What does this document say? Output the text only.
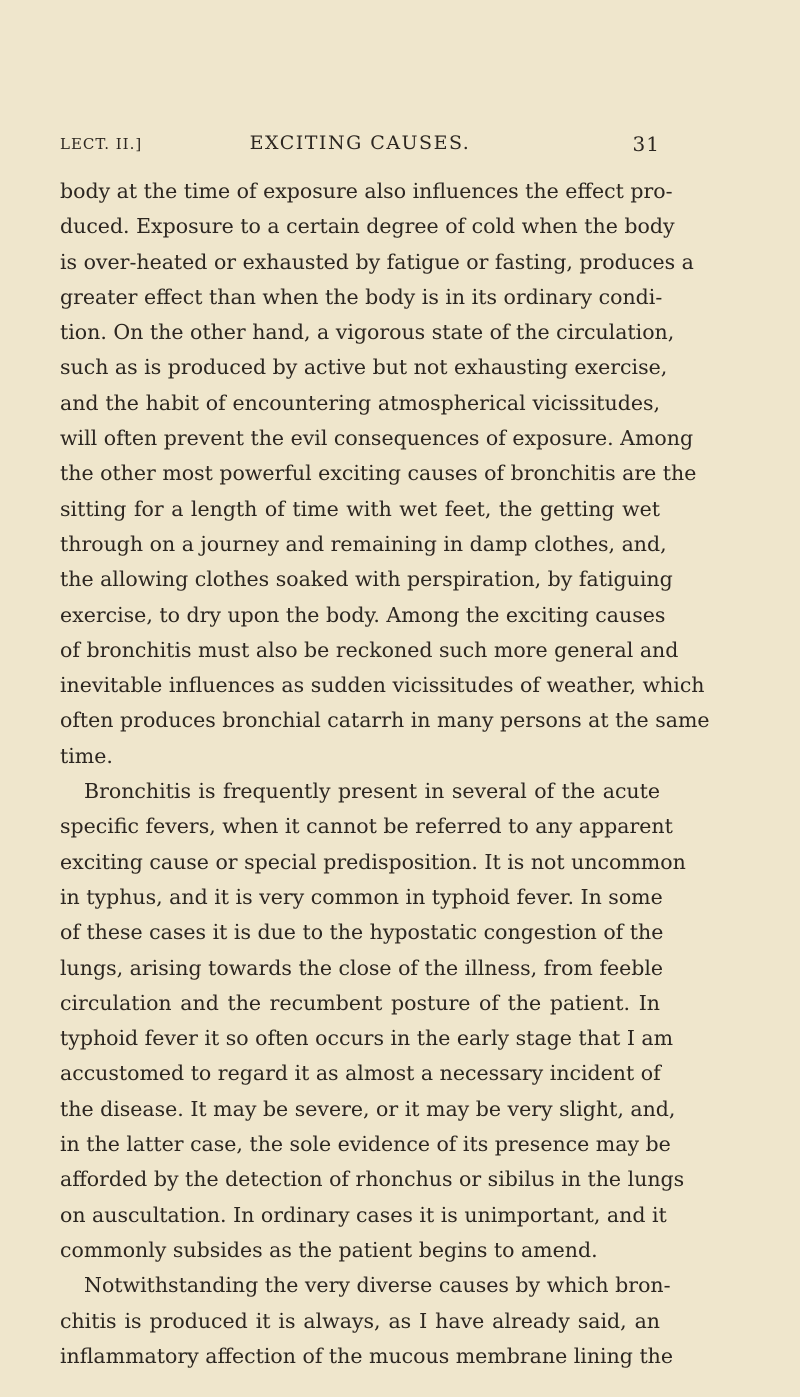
LECT. II.]	EXCITING CAUSES.	31
body at the time of exposure also influences the effect pro-
duced. Exposure to a certain degree of cold when the body
is over-heated or exhausted by fatigue or fasting, produces a
greater effect than when the body is in its ordinary condi-
tion. On the other hand, a vigorous state of the circulation,
such as is produced by active but not exhausting exercise,
and the habit of encountering atmospherical vicissitudes,
will often prevent the evil consequences of exposure. Among
the other most powerful exciting causes of bronchitis are the
sitting for a length of time with wet feet, the getting wet
through on a journey and remaining in damp clothes, and,
the allowing clothes soaked with perspiration, by fatiguing
exercise, to dry upon the body. Among the exciting causes
of bronchitis must also be reckoned such more general and
inevitable influences as sudden vicissitudes of weather, which
often produces bronchial catarrh in many persons at the same
time.
Bronchitis is frequently present in several of the acute
specific fevers, when it cannot be referred to any apparent
exciting cause or special predisposition. It is not uncommon
in typhus, and it is very common in typhoid fever. In some
of these cases it is due to the hypostatic congestion of the
lungs, arising towards the close of the illness, from feeble
circulation and the recumbent posture of the patient. In
typhoid fever it so often occurs in the early stage that I am
accustomed to regard it as almost a necessary incident of
the disease. It may be severe, or it may be very slight, and,
in the latter case, the sole evidence of its presence may be
afforded by the detection of rhonchus or sibilus in the lungs
on auscultation. In ordinary cases it is unimportant, and it
commonly subsides as the patient begins to amend.
Notwithstanding the very diverse causes by which bron-
chitis is produced it is always, as I have already said, an
inflammatory affection of the mucous membrane lining the
